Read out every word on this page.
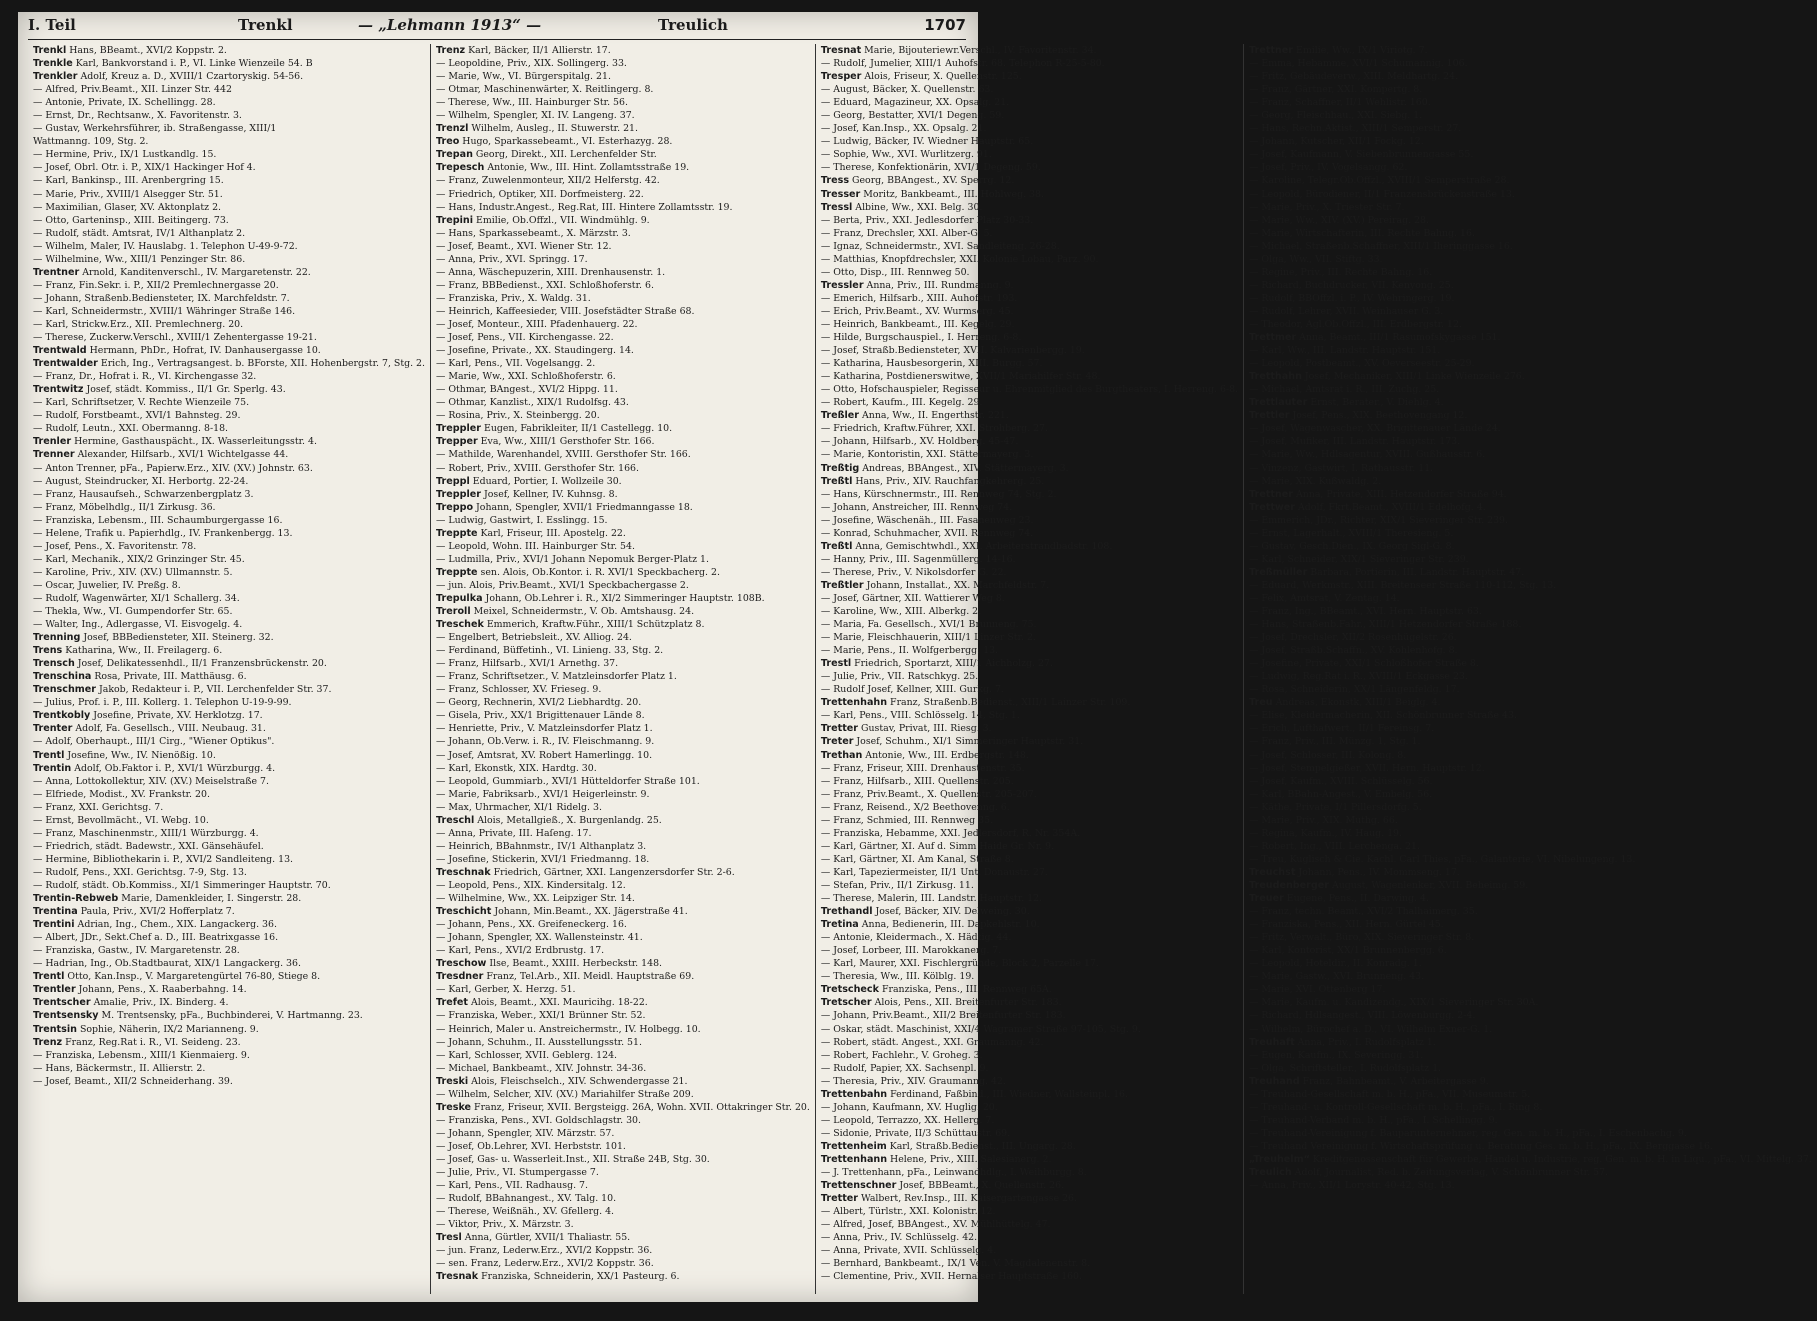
I. Teil	Trenkl	— „Lehmann 1913“ —	Treulich	1707
Trenkl Hans, BBeamt., XVI/2 Koppstr. 2.
Trenkle Karl, Bankvorstand i. P., VI. Linke Wienzeile 54. B
Trenkler Adolf, Kreuz a. D., XVIII/1 Czartoryskig. 54-56.
— Alfred, Priv.Beamt., XII. Linzer Str. 442
— Antonie, Private, IX. Schellingg. 28.
— Ernst, Dr., Rechtsanw., X. Favoritenstr. 3.
— Gustav, Werkehrsführer, ib. Straßengasse, XIII/1
Wattmanng. 109, Stg. 2.
— Hermine, Priv., IX/1 Lustkandlg. 15.
— Josef, Obrl. Otr. i. P., XIX/1 Hackinger Hof 4.
— Karl, Bankinsp., III. Arenbergring 15.
— Marie, Priv., XVIII/1 Alsegger Str. 51.
— Maximilian, Glaser, XV. Aktonplatz 2.
— Otto, Garteninsp., XIII. Beitingerg. 73.
— Rudolf, städt. Amtsrat, IV/1 Althanplatz 2.
— Wilhelm, Maler, IV. Hauslabg. 1. Telephon U-49-9-72.
— Wilhelmine, Ww., XIII/1 Penzinger Str. 86.
Trentner Arnold, Kanditenverschl., IV. Margaretenstr. 22.
— Franz, Fin.Sekr. i. P., XII/2 Premlechnergasse 20.
— Johann, Straßenb.Bediensteter, IX. Marchfeldstr. 7.
— Karl, Schneidermstr., XVIII/1 Währinger Straße 146.
— Karl, Strickw.Erz., XII. Premlechnerg. 20.
— Therese, Zuckerw.Verschl., XVIII/1 Zehentergasse 19-21.
Trentwald Hermann, PhDr., Hofrat, IV. Danhausergasse 10.
Trentwalder Erich, Ing., Vertragsangest. b. BForste, XII. Hohenbergstr. 7, Stg. 2.
— Franz, Dr., Hofrat i. R., VI. Kirchengasse 32.
Trentwitz Josef, städt. Kommiss., II/1 Gr. Sperlg. 43.
— Karl, Schriftsetzer, V. Rechte Wienzeile 75.
— Rudolf, Forstbeamt., XVI/1 Bahnsteg. 29.
— Rudolf, Leutn., XXI. Obermanng. 8-18.
Trenler Hermine, Gasthauspächt., IX. Wasserleitungsstr. 4.
Trenner Alexander, Hilfsarb., XVI/1 Wichtelgasse 44.
— Anton Trenner, pFa., Papierw.Erz., XIV. (XV.) Johnstr. 63.
— August, Steindrucker, XI. Herbortg. 22-24.
— Franz, Hausaufseh., Schwarzenbergplatz 3.
— Franz, Möbelhdlg., II/1 Zirkusg. 36.
— Franziska, Lebensm., III. Schaumburgergasse 16.
— Helene, Trafik u. Papierhdlg., IV. Frankenbergg. 13.
— Josef, Pens., X. Favoritenstr. 78.
— Karl, Mechanik., XIX/2 Grinzinger Str. 45.
— Karoline, Priv., XIV. (XV.) Ullmannstr. 5.
— Oscar, Juwelier, IV. Preßg. 8.
— Rudolf, Wagenwärter, XI/1 Schallerg. 34.
— Thekla, Ww., VI. Gumpendorfer Str. 65.
— Walter, Ing., Adlergasse, VI. Eisvogelg. 4.
Trenning Josef, BBBediensteter, XII. Steinerg. 32.
Trens Katharina, Ww., II. Freilagerg. 6.
Trensch Josef, Delikatessenhdl., II/1 Franzensbrückenstr. 20.
Trenschina Rosa, Private, III. Matthäusg. 6.
Trenschmer Jakob, Redakteur i. P., VII. Lerchenfelder Str. 37.
— Julius, Prof. i. P., III. Kollerg. 1. Telephon U-19-9-99.
Trentkobly Josefine, Private, XV. Herklotzg. 17.
Trenter Adolf, Fa. Gesellsch., VIII. Neubaug. 31.
— Adolf, Oberhaupt., III/1 Cirg., "Wiener Optikus".
Trentl Josefine, Ww., IV. Nienößig. 10.
Trentin Adolf, Ob.Faktor i. P., XVI/1 Würzburgg. 4.
— Anna, Lottokollektur, XIV. (XV.) Meiselstraße 7.
— Elfriede, Modist., XV. Frankstr. 20.
— Franz, XXI. Gerichtsg. 7.
— Ernst, Bevollmächt., VI. Webg. 10.
— Franz, Maschinenmstr., XIII/1 Würzburgg. 4.
— Friedrich, städt. Badewstr., XXI. Gänsehäufel.
— Hermine, Bibliothekarin i. P., XVI/2 Sandleiteng. 13.
— Rudolf, Pens., XXI. Gerichtsg. 7-9, Stg. 13.
— Rudolf, städt. Ob.Kommiss., XI/1 Simmeringer Hauptstr. 70.
Trentin-Rebweb Marie, Damenkleider, I. Singerstr. 28.
Trentina Paula, Priv., XVI/2 Hofferplatz 7.
Trentini Adrian, Ing., Chem., XIX. Langackerg. 36.
— Albert, JDr., Sekt.Chef a. D., III. Beatrixgasse 16.
— Franziska, Gastw., IV. Margaretenstr. 28.
— Hadrian, Ing., Ob.Stadtbaurat, XIX/1 Langackerg. 36.
Trentl Otto, Kan.Insp., V. Margaretengürtel 76-80, Stiege 8.
Trentler Johann, Pens., X. Raaberbahng. 14.
Trentscher Amalie, Priv., IX. Binderg. 4.
Trentsensky M. Trentsensky, pFa., Buchbinderei, V. Hartmanng. 23.
Trentsin Sophie, Näherin, IX/2 Marianneng. 9.
Trenz Franz, Reg.Rat i. R., VI. Seideng. 23.
— Franziska, Lebensm., XIII/1 Kienmaierg. 9.
— Hans, Bäckermstr., II. Allierstr. 2.
— Josef, Beamt., XII/2 Schneiderhang. 39.
Trenz Karl, Bäcker, II/1 Allierstr. 17.
— Leopoldine, Priv., XIX. Sollingerg. 33.
— Marie, Ww., VI. Bürgerspitalg. 21.
— Otmar, Maschinenwärter, X. Reitlingerg. 8.
— Therese, Ww., III. Hainburger Str. 56.
— Wilhelm, Spengler, XI. IV. Langeng. 37.
Trenzl Wilhelm, Ausleg., II. Stuwerstr. 21.
Treo Hugo, Sparkassebeamt., VI. Esterhazyg. 28.
Trepan Georg, Direkt., XII. Lerchenfelder Str.
Trepesch Antonie, Ww., III. Hint. Zollamtsstraße 19.
— Franz, Zuwelenmonteur, XII/2 Helferstg. 42.
— Friedrich, Optiker, XII. Dorfmeisterg. 22.
— Hans, Industr.Angest., Reg.Rat, III. Hintere Zollamtsstr. 19.
Trepini Emilie, Ob.Offzl., VII. Windmühlg. 9.
— Hans, Sparkassebeamt., X. Märzstr. 3.
— Josef, Beamt., XVI. Wiener Str. 12.
— Anna, Priv., XVI. Springg. 17.
— Anna, Wäschepuzerin, XIII. Drenhausenstr. 1.
— Franz, BBBedienst., XXI. Schloßhoferstr. 6.
— Franziska, Priv., X. Waldg. 31.
— Heinrich, Kaffeesieder, VIII. Josefstädter Straße 68.
— Josef, Monteur., XIII. Pfadenhauerg. 22.
— Josef, Pens., VII. Kirchengasse. 22.
— Josefine, Private., XX. Staudingerg. 14.
— Karl, Pens., VII. Vogelsangg. 2.
— Marie, Ww., XXI. Schloßhoferstr. 6.
— Othmar, BAngest., XVI/2 Hippg. 11.
— Othmar, Kanzlist., XIX/1 Rudolfsg. 43.
— Rosina, Priv., X. Steinbergg. 20.
Treppler Eugen, Fabrikleiter, II/1 Castellegg. 10.
Trepper Eva, Ww., XIII/1 Gersthofer Str. 166.
— Mathilde, Warenhandel, XVIII. Gersthofer Str. 166.
— Robert, Priv., XVIII. Gersthofer Str. 166.
Treppl Eduard, Portier, I. Wollzeile 30.
Treppler Josef, Kellner, IV. Kuhnsg. 8.
Treppo Johann, Spengler, XVII/1 Friedmanngasse 18.
— Ludwig, Gastwirt, I. Esslingg. 15.
Treppte Karl, Friseur, III. Apostelg. 22.
— Leopold, Wohn. III. Hainburger Str. 54.
— Ludmilla, Priv., XVI/1 Johann Nepomuk Berger-Platz 1.
Treppte sen. Alois, Ob.Kontor. i. R. XVI/1 Speckbacherg. 2.
— jun. Alois, Priv.Beamt., XVI/1 Speckbachergasse 2.
Trepulka Johann, Ob.Lehrer i. R., XI/2 Simmeringer Hauptstr. 108B.
Treroll Meixel, Schneidermstr., V. Ob. Amtshausg. 24.
Treschek Emmerich, Kraftw.Führ., XIII/1 Schützplatz 8.
— Engelbert, Betriebsleit., XV. Alliog. 24.
— Ferdinand, Büffetinh., VI. Linieng. 33, Stg. 2.
— Franz, Hilfsarb., XVI/1 Arnethg. 37.
— Franz, Schriftsetzer., V. Matzleinsdorfer Platz 1.
— Franz, Schlosser, XV. Frieseg. 9.
— Georg, Rechnerin, XVI/2 Liebhardtg. 20.
— Gisela, Priv., XX/1 Brigittenauer Lände 8.
— Henriette, Priv., V. Matzleinsdorfer Platz 1.
— Johann, Ob.Verw. i. R., IV. Fleischmanng. 9.
— Josef, Amtsrat, XV. Robert Hamerlingg. 10.
— Karl, Ekonstk, XIX. Hardtg. 30.
— Leopold, Gummiarb., XVI/1 Hütteldorfer Straße 101.
— Marie, Fabriksarb., XVI/1 Heigerleinstr. 9.
— Max, Uhrmacher, XI/1 Ridelg. 3.
Treschl Alois, Metallgieß., X. Burgenlandg. 25.
— Anna, Private, III. Haſeng. 17.
— Heinrich, BBahnmstr., IV/1 Althanplatz 3.
— Josefine, Stickerin, XVI/1 Friedmanng. 18.
Treschnak Friedrich, Gärtner, XXI. Langenzersdorfer Str. 2-6.
— Leopold, Pens., XIX. Kindersitalg. 12.
— Wilhelmine, Ww., XX. Leipziger Str. 14.
Treschicht Johann, Min.Beamt., XX. Jägerstraße 41.
— Johann, Pens., XX. Greifeneckerg. 16.
— Johann, Spengler, XX. Wallensteinstr. 41.
— Karl, Pens., XVI/2 Erdbrustg. 17.
Treschow Ilse, Beamt., XXIII. Herbeckstr. 148.
Tresdner Franz, Tel.Arb., XII. Meidl. Hauptstraße 69.
— Karl, Gerber, X. Herzg. 51.
Trefet Alois, Beamt., XXI. Mauricihg. 18-22.
— Franziska, Weber., XXI/1 Brünner Str. 52.
— Heinrich, Maler u. Anstreichermstr., IV. Holbegg. 10.
— Johann, Schuhm., II. Ausstellungsstr. 51.
— Karl, Schlosser, XVII. Geblerg. 124.
— Michael, Bankbeamt., XIV. Johnstr. 34-36.
Treski Alois, Fleischselch., XIV. Schwendergasse 21.
— Wilhelm, Selcher, XIV. (XV.) Mariahilfer Straße 209.
Treske Franz, Friseur, XVII. Bergsteigg. 26A, Wohn. XVII. Ottakringer Str. 20.
— Franziska, Pens., XVI. Goldschlagstr. 30.
— Johann, Spengler, XIV. Märzstr. 57.
— Josef, Ob.Lehrer, XVI. Herbststr. 101.
— Josef, Gas- u. Wasserleit.Inst., XII. Straße 24B, Stg. 30.
— Julie, Priv., VI. Stumpergasse 7.
— Karl, Pens., VII. Radhausg. 7.
— Rudolf, BBahnangest., XV. Talg. 10.
— Therese, Weißnäh., XV. Gfellerg. 4.
— Viktor, Priv., X. Märzstr. 3.
Tresl Anna, Gürtler, XVII/1 Thaliastr. 55.
— jun. Franz, Lederw.Erz., XVI/2 Koppstr. 36.
— sen. Franz, Lederw.Erz., XVI/2 Koppstr. 36.
Tresnak Franziska, Schneiderin, XX/1 Pasteurg. 6.
Tresnat Marie, Bijouteriewr.Verschl., IV. Favoritenstr. 34.
— Rudolf, Jumelier, XIII/1 Auhofstr. 68. Telephon R-25-5-80.
Tresper Alois, Friseur, X. Quellenstr. 125.
— August, Bäcker, X. Quellenstr. 63.
— Eduard, Magazineur, XX. Opsalg. 21.
— Georg, Bestatter, XVI/1 Degeng. 59.
— Josef, Kan.Insp., XX. Opsalg. 21.
— Ludwig, Bäcker, IV. Wiedner Hauptstr. 65.
— Sophie, Ww., XVI. Wurlitzerg. 91.
— Therese, Konfektionärin, XVI/1 Degeng. 59.
Tress Georg, BBAngest., XV. Sperrg. 12.
Tresser Moritz, Bankbeamt., III. Hohlweg. 38.
Tressl Albine, Ww., XXI. Belg. 30.
— Berta, Priv., XXI. Jedlesdorfer Platz 30-33.
— Franz, Drechsler, XXI. Alber-G. 5.
— Ignaz, Schneidermstr., XVI. Sandleiteng. 26-28.
— Matthias, Knopfdrechsler, XXI. Kolonie Lobau, Parz. 90.
— Otto, Disp., III. Rennweg 50.
Tressler Anna, Priv., III. Rundmanng. 9.
— Emerich, Hilfsarb., XIII. Auhofstr. 193.
— Erich, Priv.Beamt., XV. Wurmserg. 45.
— Heinrich, Bankbeamt., III. Kegelg. 29.
— Hilde, Burgschauspiel., I. Herreng. 6-8.
— Josef, Straßb.Bediensteter, XVII. Kalvarienbergg. 19.
— Katharina, Hausbesorgerin, XIII. Burgg. 57.
— Katharina, Postdienerswitwe, XVII/1 Mariahilfer Str. 48.
— Otto, Hofschauspieler, Regisseur u. Ehrenmitglied des Burgtheaters, I. Herreng. 6-8.
— Robert, Kaufm., III. Kegelg. 29.
Treßler Anna, Ww., II. Engerthstr. 221.
— Friedrich, Kraftw.Führer, XXI. Strohberg. 27.
— Johann, Hilfsarb., XV. Holdberg. 45-47.
— Marie, Kontoristin, XXI. Stättermayerg. 3.
Treßtig Andreas, BBAngest., XIV. Stättermayerg. 3.
Treßtl Hans, Priv., XIV. Rauchfangkehrerg. 25.
— Hans, Kürschnermstr., III. Rennweg 74, Stg. 2.
— Johann, Anstreicher, III. Rennweg 74.
— Josefine, Wäschenäh., III. Fasanenweg 23.
— Konrad, Schuhmacher, XVII. Rennweg 74.
Treßtl Anna, Gemischtwhdl., XXI. Arbeiterstrandbadstr. 108.
— Hanny, Priv., III. Sagenmüllerg. 14-16.
— Therese, Priv., V. Nikolsdorfer G. 22.
Treßtler Johann, Installat., XX. Marchfeldstr. 7.
— Josef, Gärtner, XII. Wattierer Weg 8.
— Karoline, Ww., XIII. Alberkg. 2.
— Maria, Fa. Gesellsch., XVI/1 Brunneng. 75.
— Marie, Fleischhauerin, XIII/1 Linzer Str. 2.
— Marie, Pens., II. Wolfgerbergg. 13.
Trestl Friedrich, Sportarzt, XIII/1 Aichholzg. 27.
— Julie, Priv., VII. Ratschkyg. 25.
— Rudolf Josef, Kellner, XIII. Gurkg. 7.
Trettenhahn Franz, Straßenb.Bedienst., XIII/1 Lainzer Str. 109.
— Karl, Pens., VIII. Schlösselg. 14, Stg. 1.
Tretter Gustav, Privat, III. Riesg. 3.
Treter Josef, Schuhm., XI/1 Simmeringer Hauptstr. 31.
Trethan Antonie, Ww., III. Erdbergstr. 148.
— Franz, Friseur, XIII. Drenhaustenstr. 35.
— Franz, Hilfsarb., XIII. Quellenstr. 205.
— Franz, Priv.Beamt., X. Quellenstr. 205-207.
— Franz, Reisend., X/2 Beethovenng. 6.
— Franz, Schmied, III. Rennweg 35.
— Franziska, Hebamme, XXI. Jedlersdorf, R. Nr. 354A.
— Karl, Gärtner, XI. Auf d. Simm Haide Gr. Nr. 9.
— Karl, Gärtner, XI. Am Kanal, Straße 8.
— Karl, Tapeziermeister, II/1 Unt. Donaustr. 27.
— Stefan, Priv., II/1 Zirkusg. 11.
— Therese, Malerin, III. Landstr. Hauptstr. 12.
Trethandl Josef, Bäcker, XIV. Delweing. 30.
Tretina Anna, Bedienerin, III. Dapkehlstr. 10.
— Antonie, Kleidermach., X. Hädtig. 44.
— Josef, Lorbeer, III. Marokkanerg. 7.
— Karl, Maurer, XXI. Fischlergründe, Block 2, Parzelle 17.
— Theresia, Ww., III. Kölblg. 19.
Tretscheck Franziska, Pens., III. Rennweg 65A.
Tretscher Alois, Pens., XII. Breitenfurter Str. 183.
— Johann, Priv.Beamt., XII/2 Breitenfurter Str. 183.
— Oskar, städt. Maschinist, XXI/4 Wagramer Straße 97-105, Stg. 9.
— Robert, städt. Angest., XXI. Graumanng. 42.
— Robert, Fachlehr., V. Groheg. 3.
— Rudolf, Papier, XX. Sachsenpl. 9.
— Theresia, Priv., XIV. Graumanng. 42.
Trettenbahn Ferdinand, Faßbind., III. Wiedner, Wallsteinpl. 16.
— Johann, Kaufmann, XV. Huglig. 20.
— Leopold, Terrazzo, XX. Hellerg. 7.
— Sidonie, Private, II/3 Schüttaustr. 69.
Trettenheim Karl, Straßb.Bedienst., III. Ungarg. 28.
Trettenhann Helene, Priv., XIII. Salesianerg. 2.
— J. Trettenhann, pFa., Leinwandhdlg., I. Weihburgg. 8.
Trettenschner Josef, BBBeamt., X. Quellenstr. 26.
Tretter Walbert, Rev.Insp., III. Kaisergartengasse 26.
— Albert, Türlstr., XXI. Kolonistr. 12.
— Alfred, Josef, BBAngest., XV. Mühlhüttelg. 47.
— Anna, Priv., IV. Schlüsselg. 42.
— Anna, Private, XVII. Schlüsselg. 4.
— Bernhard, Bankbeamt., IX/1 Ven. V. Magdalenenstr. 8.
— Clementine, Priv., XVII. Hernalser Hauptstraße 160.
Trettner Emilie, Ww., IX/1 Viriotg. 7.
— Emma, Hebamme, XVI/1 Schumannig. 106.
— Fritz, Gebäudeverw., XIII. Meldhartg. 24.
— Franz, Gärtner, XXI. Kompertg. 8.
— Franz, Schaffner, II/1 Wehlistr. 160.
— Georg, Fleischhau., XXI. Siebg. 1.
— Hans, Rechn.Aktist., XIII/1 Semperstr. 27.
— Johann, Kutscher, XII/1 Fockg. 12.
— Josef, Kaufmann, V. Siebenbrunnengasse 55.
— Josef, Priv., IV. Vogelsangg. 62.
— Karoline, Telegr.Ob.Offzl., XVIII/1 Semperstraße 28.
— Leopold, Bürodiener, II/1 Franzensbrückenstraße 13.
— Marie, Priv., X. Triester Str. 7.
— Marie, Ww., XIV. (XV.) Pereirag. 28.
— Marie, Wirtschafterin, III. Rechte Bahng. 16.
— Michael, Straßenb.Schaffner, XIII/1 Iheringgasse 16.
— Olga, Ww., VII. Stiftg. 33.
— Regine, Priv., III. Rechte Bahng. 16.
— Richard, Buchdrucker, VII. Kenyong. 25.
— Rudolf, BBOffzl. i. P., IV. Wehringerg. 19.
— Rudolf, Lehrer, XVII. Weinhauser G. 3.
— Theodor, Agl.Ob.Offzl., III. Erdbergstr. 12.
Trettmer Anna, Beamt., III/1 Rasumofskygasse 151.
— Karl, Ww., III. Landstr. Hauptstr. 151.
— Leopold, Postbeamt., XV. Oeverseestr. 25-29.
Tretthahn Josef, Mechaniker, XIII/1 Linke Wienzeile 276.
— Michael, Amtsrat i. R., III. Zuchg. 25.
Trettlauter Ernst, Berater., V. Diehlg. 4.
Trettler Josef, Pens., XIX. Beethovengang 12.
— Josef, Wagenwascher, XX. Brigittenauer Lände 24.
— Josef, Mufiker, III. Landstr. Hauptstr. 173.
— Marie, Ww., Hdlsagentur, XVIII. Gußhausstr. 6.
— Vinzenz, Gastwirt, I. Rathausstr. 11.
— Marie, XIX. Kußwaldg. 2.
Trettner Anna, Private, XIII. Hetzendorfer Straße 94.
Trettwer Adolf, Fkrt.Beamt., XVIII/1 Edelhofg. 4.
— Emmerich, JDr., Richter, XIX/1 Sieveringer Str. 239.
— Ernst, Lagerhalt., XVIII/1 Theresieng. 5.
— Gustav, Gesch.Dien., IX. Georg Sigl-G. 8.
— Karl, Schneider, XIX/1 Sieveringer Str. 239.
Treßmüller Barbara, Portierin, III. Landstr. Hauptstr. 47.
— Eduard, Werkmstr., XIII. Breitenseer Straße 110-112, Stg. 13.
— Felix, Amtsrat, V. Zentag. 14.
— Franz, Ing., BBeamt., XVI. Hern. Hauptstr. 63.
— Hans, Straßenb.Fahr., XIII/1 Hetzendorfer Straße 188.
— Josef, Drechsler, XII/2 Rosenhügelstr. 26.
— Josef, Straßb.Schaffn., XV. Kohlenhofg. 8.
— Josefine, Private, XXI/1 Schloßhofer Straße 8.
— Ludwig, Reg.Rat i. R., XVIII/1 Eckgasse 23.
— Rosa, Schneiderin, XX/1 Längenfeldg. 17.
Treu Andreas, Ekonstk, XIII/1 Beiglg. 4.
— Elise, Kleidermacherin, XII. Schönbrunner Straße 43.
— Erich, Lufthafwert., II/1 Fereinsg. 7.
— Franz, Priv., III. Münzg. 1, Stg. 1.
— Josef, Schlosser, III. Kolong. 8.
— Josef, Stempelgießer, XVII. Hern. Hauptstr. 12.
— Josef, Kaufm., XVIII. Schlüsselg. 56.
— Karl, BBahn-Angest., V. Embelg. 56.
— Käthe, Private, I/1 Pillersdorfg. 5.
— Marie, Priv., XIX. Muthg. 66.
— Regina, Kaufm., IV. Haug. 19.
— Robert, Ing., VIII. Lerchenga. 21.
— Treu, Kuglisch & Cie. Kachl. Carl Thies, pFa., Galanterie, VI. Nibelungeng. 13.
Treuchst Johann, Pens., IV. Mommseng. 17.
Treudenberger August, Wagenlenker, XVII. Beheimg. 59.
Treuer Eugene, Pens., II. Darwing. 4.
— Franz, techn. Beamt., XVI/2 Thalhaimerg. 35.
— Franziska, Pens., XII. Hern. Gürtel 45.
— Fritz, Verwalt., Büro, XIX. Sieveringer Str. 8.
— Karl, Kontorist, XX/1 Brunnenbergg. 6.
— Leopold, Hoteldir., II. Konradg. 1.
— Marie, Gastw., XVI. Brunneng. 43.
— Marie, XVI. Ottenberg 17.
— Marie, Kaufm. u. Kandizendg., XIX/1 Sieveringer Str. 30A.
— Richard, Hdlsangest., VIII. Löwenburgg. 2-4.
— Wilhelm, Bürochef a. D., VI. Wilhelm Exner-G. 1.
Treuhaft Anna, Priv., I. Rudolfsplatz 1.
— Eugen, Kaufm., IX. Severingg. 31.
— Olga, Schriftsteller., I. Rudolfsplatz 1.
Treuhand Franz, Bahnbeamt., V. Arbeitergasse 9.
— Treuhand-Gesellschaft m. b. H., pFa., VII. Museumstr. 5.
— Treuhand- u. Kontroll-Gesellschaft m. b. H., pFa., I. Ring 8.
— Treuhand-Verband m. b. H., pFa., I. Schellingg. 9.
— Treuhand-Vereinigung f. Bauparunternehmer, reg. Gen. m. b. H., pFa., I. Eschenbachg. 9.
— Treuhand Vereinigung f. Wirtschaftsprüfung u. Beratung Ges. m. b. H., pFa., IX. Berggasse 16.
„Treuhelm“ Kreditgenossenschaft für Gewerbe, Handel u. Industrie, reg. Gen. m. b. H. in Liqu., pFa., VI. Mittelg. 37.
Treulich Adolf, Journalist, Red. b. Zeitungsverlag, V. Schönbrunner Str. 57.
— Anna, Priv., XII/1 Lorystr. 40-42, Stg. 13.
